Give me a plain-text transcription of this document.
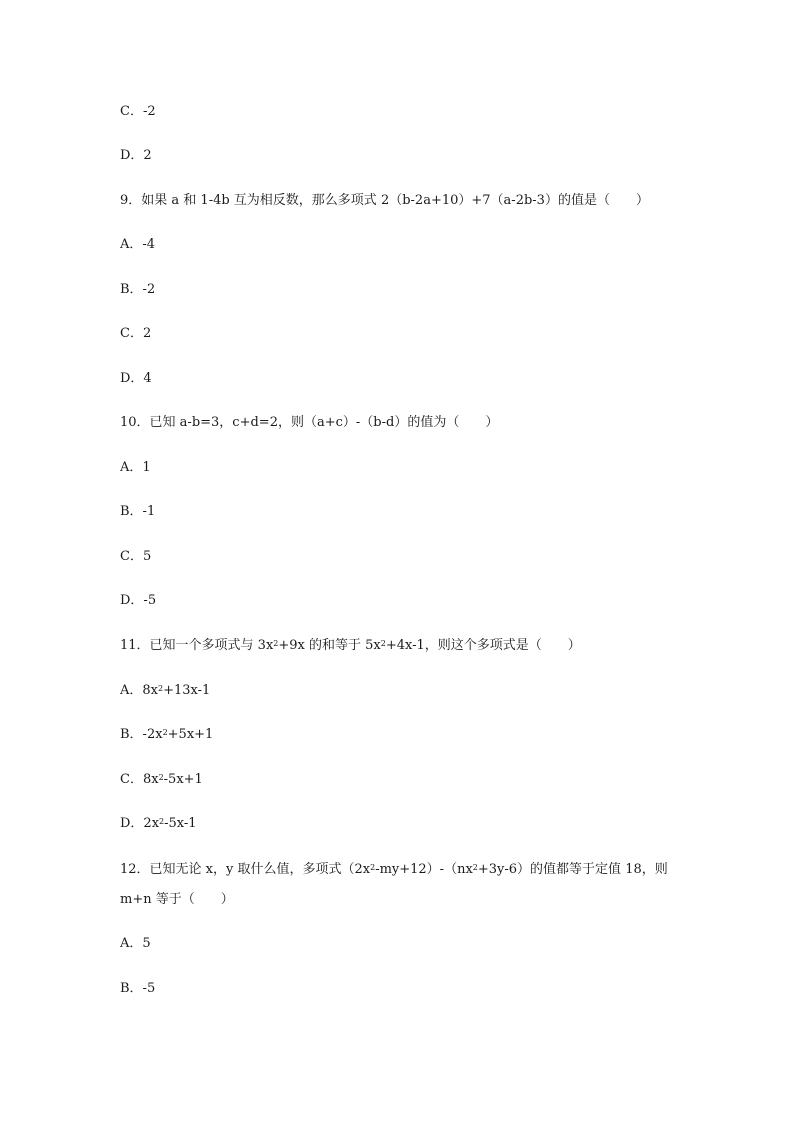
C．-2
D．2
9．如果 a 和 1-4b 互为相反数，那么多项式 2（b-2a+10）+7（a-2b-3）的值是（　　）
A．-4
B．-2
C．2
D．4
10．已知 a-b=3，c+d=2，则（a+c）-（b-d）的值为（　　）
A．1
B．-1
C．5
D．-5
11．已知一个多项式与 $3x^2+9x$ 的和等于 $5x^2+4x-1$，则这个多项式是（　　）
A．$8x^2+13x-1$
B．$-2x^2+5x+1$
C．$8x^2-5x+1$
D．$2x^2-5x-1$
12．已知无论 x，y 取什么值，多项式$(2x^2-my+12)-(nx^2+3y-6)$的值都等于定值 18，则 m+n 等于（　　）
A．5
B．-5
